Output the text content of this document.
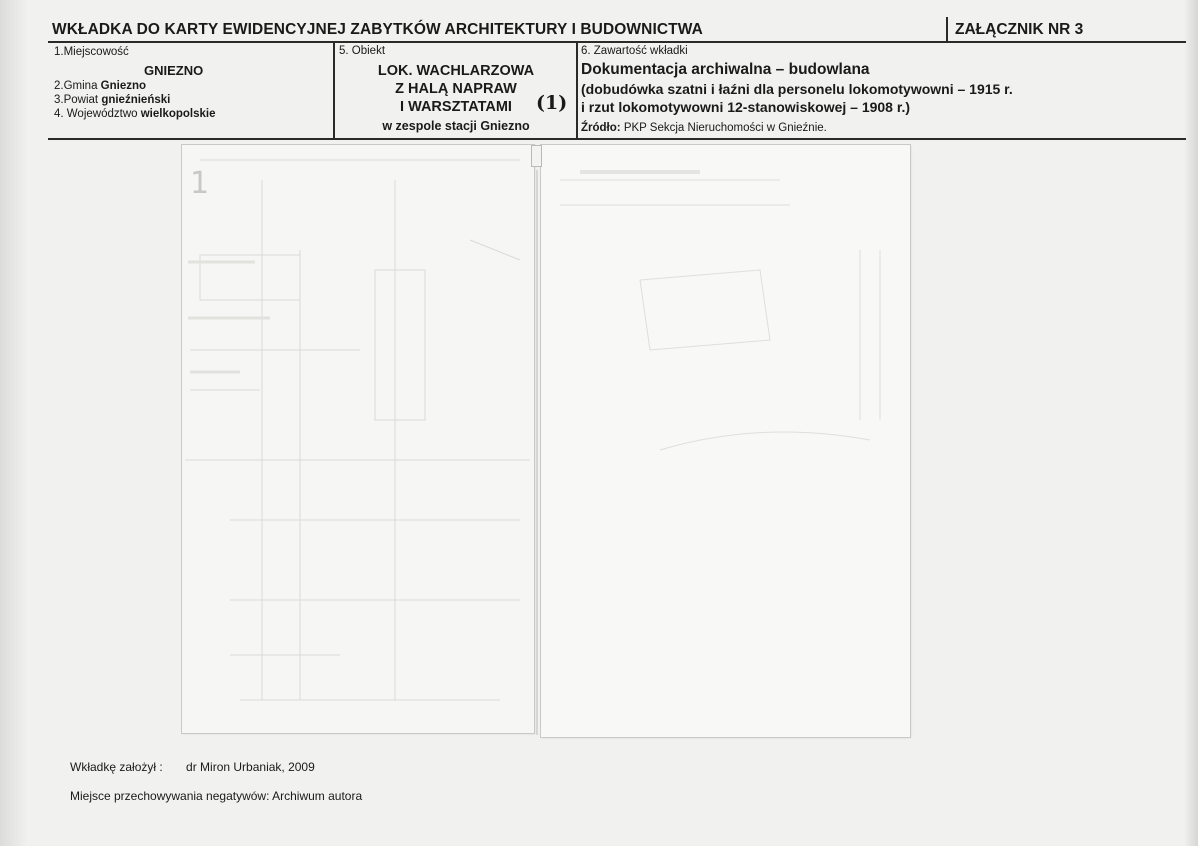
WKŁADKA DO KARTY EWIDENCYJNEJ ZABYTKÓW ARCHITEKTURY I BUDOWNICTWA	ZAŁĄCZNIK NR 3
1.Miejscowość
GNIEZNO
2.Gmina Gniezno
3.Powiat gnieźnieński
4. Województwo wielkopolskie
5. Obiekt
LOK. WACHLARZOWA
Z HALĄ NAPRAW
I WARSZTATAMI	(1)
w zespole stacji Gniezno
6. Zawartość wkładki
Dokumentacja archiwalna – budowlana
(dobudówka szatni i łaźni dla personelu lokomotywowni – 1915 r.
i rzut lokomotywowni 12-stanowiskowej – 1908 r.)
Źródło: PKP Sekcja Nieruchomości w Gnieźnie.
1
Wkładkę założył : dr Miron Urbaniak, 2009
Miejsce przechowywania negatywów: Archiwum autora
